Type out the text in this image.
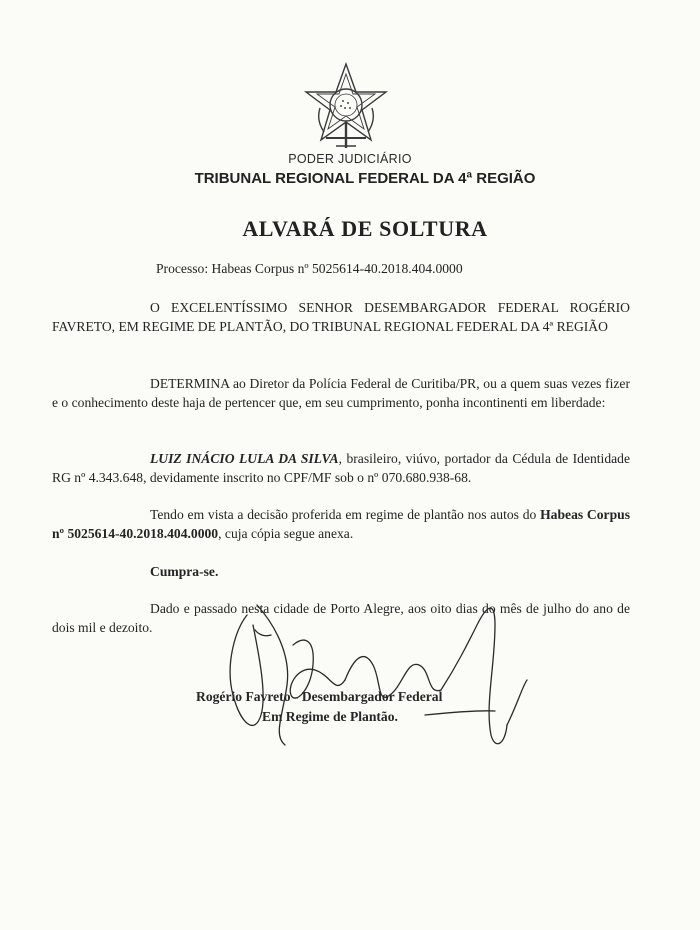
PODER JUDICIÁRIO
TRIBUNAL REGIONAL FEDERAL DA 4ª REGIÃO
ALVARÁ DE SOLTURA
Processo: Habeas Corpus nº 5025614-40.2018.404.0000
O EXCELENTÍSSIMO SENHOR DESEMBARGADOR FEDERAL ROGÉRIO FAVRETO, EM REGIME DE PLANTÃO, DO TRIBUNAL REGIONAL FEDERAL DA 4ª REGIÃO
DETERMINA ao Diretor da Polícia Federal de Curitiba/PR, ou a quem suas vezes fizer e o conhecimento deste haja de pertencer que, em seu cumprimento, ponha incontinenti em liberdade:
LUIZ INÁCIO LULA DA SILVA, brasileiro, viúvo, portador da Cédula de Identidade RG nº 4.343.648, devidamente inscrito no CPF/MF sob o nº 070.680.938-68.
Tendo em vista a decisão proferida em regime de plantão nos autos do Habeas Corpus nº 5025614-40.2018.404.0000, cuja cópia segue anexa.
Cumpra-se.
Dado e passado nesta cidade de Porto Alegre, aos oito dias do mês de julho do ano de dois mil e dezoito.
Rogério Favreto - Desembargador Federal
Em Regime de Plantão.
